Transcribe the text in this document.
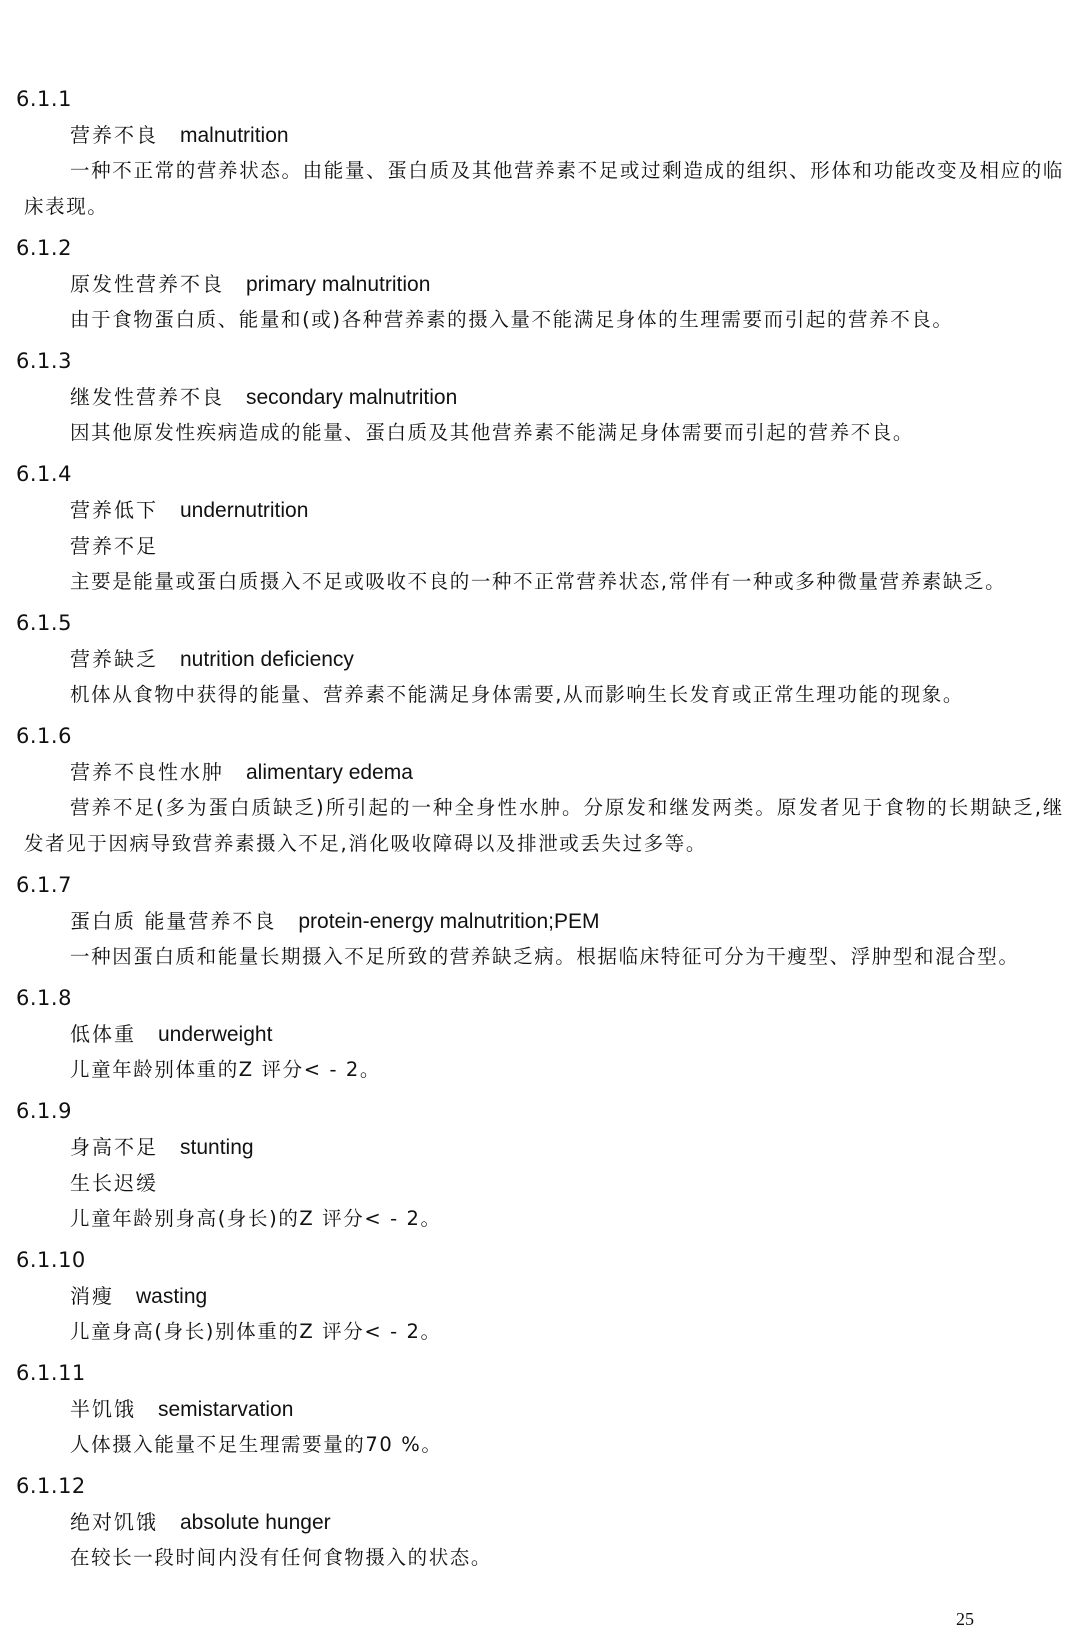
6.1.1
营养不良 malnutrition

一种不正常的营养状态。由能量、蛋白质及其他营养素不足或过剩造成的组织、形体和功能改变及相应的临床表现。

6.1.2
原发性营养不良 primary malnutrition

由于食物蛋白质、能量和(或)各种营养素的摄入量不能满足身体的生理需要而引起的营养不良。

6.1.3
继发性营养不良 secondary malnutrition

因其他原发性疾病造成的能量、蛋白质及其他营养素不能满足身体需要而引起的营养不良。

6.1.4
营养低下 undernutrition
营养不足

主要是能量或蛋白质摄入不足或吸收不良的一种不正常营养状态,常伴有一种或多种微量营养素缺乏。

6.1.5
营养缺乏 nutrition deficiency

机体从食物中获得的能量、营养素不能满足身体需要,从而影响生长发育或正常生理功能的现象。

6.1.6
营养不良性水肿 alimentary edema

营养不足(多为蛋白质缺乏)所引起的一种全身性水肿。分原发和继发两类。原发者见于食物的长期缺乏,继发者见于因病导致营养素摄入不足,消化吸收障碍以及排泄或丢失过多等。

6.1.7
蛋白质 能量营养不良 protein-energy malnutrition;PEM

一种因蛋白质和能量长期摄入不足所致的营养缺乏病。根据临床特征可分为干瘦型、浮肿型和混合型。

6.1.8
低体重 underweight

儿童年龄别体重的Z 评分< - 2。

6.1.9
身高不足 stunting
生长迟缓

儿童年龄别身高(身长)的Z 评分< - 2。

6.1.10
消瘦 wasting

儿童身高(身长)别体重的Z 评分< - 2。

6.1.11
半饥饿 semistarvation

人体摄入能量不足生理需要量的70 %。

6.1.12
绝对饥饿 absolute hunger

在较长一段时间内没有任何食物摄入的状态。

25
